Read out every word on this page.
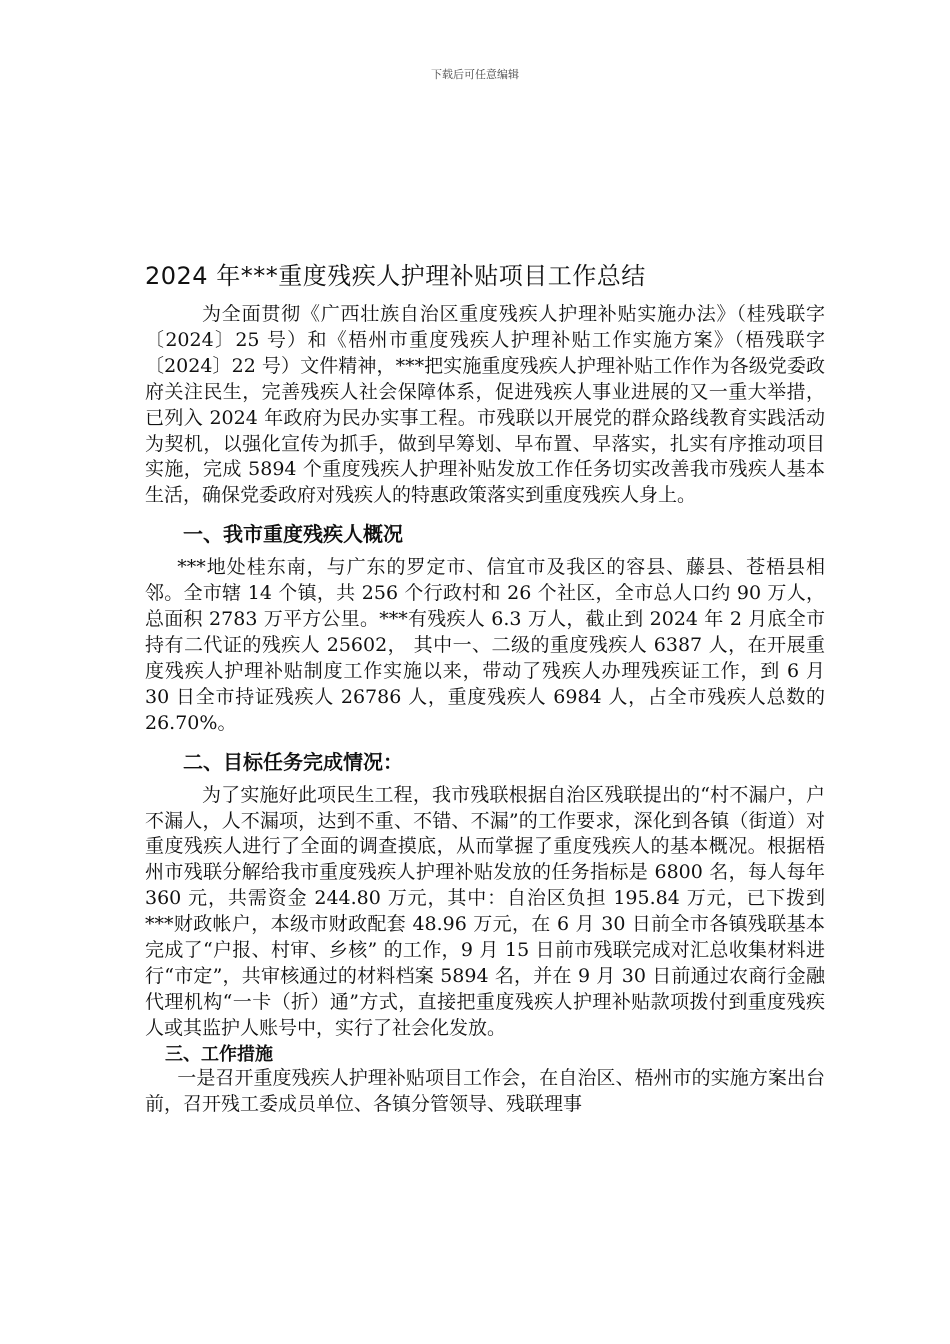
下载后可任意编辑
2024 年***重度残疾人护理补贴项目工作总结

为全面贯彻《广西壮族自治区重度残疾人护理补贴实施办法》（桂残联字〔2024〕25 号）和《梧州市重度残疾人护理补贴工作实施方案》（梧残联字〔2024〕22 号）文件精神，***把实施重度残疾人护理补贴工作作为各级党委政府关注民生，完善残疾人社会保障体系，促进残疾人事业进展的又一重大举措，已列入 2024 年政府为民办实事工程。市残联以开展党的群众路线教育实践活动为契机，以强化宣传为抓手，做到早筹划、早布置、早落实，扎实有序推动项目实施，完成 5894 个重度残疾人护理补贴发放工作任务切实改善我市残疾人基本生活，确保党委政府对残疾人的特惠政策落实到重度残疾人身上。

一、我市重度残疾人概况

***地处桂东南，与广东的罗定市、信宜市及我区的容县、藤县、苍梧县相邻。全市辖 14 个镇，共 256 个行政村和 26 个社区，全市总人口约 90 万人，总面积 2783 万平方公里。***有残疾人 6.3 万人，截止到 2024 年 2 月底全市持有二代证的残疾人 25602， 其中一、二级的重度残疾人 6387 人，在开展重度残疾人护理补贴制度工作实施以来，带动了残疾人办理残疾证工作，到 6 月 30 日全市持证残疾人 26786 人，重度残疾人 6984 人，占全市残疾人总数的 26.70%。

二、目标任务完成情况：

为了实施好此项民生工程，我市残联根据自治区残联提出的“村不漏户，户不漏人，人不漏项，达到不重、不错、不漏”的工作要求，深化到各镇（街道）对重度残疾人进行了全面的调查摸底，从而掌握了重度残疾人的基本概况。根据梧州市残联分解给我市重度残疾人护理补贴发放的任务指标是 6800 名，每人每年 360 元，共需资金 244.80 万元，其中：自治区负担 195.84 万元，已下拨到***财政帐户，本级市财政配套 48.96 万元，在 6 月 30 日前全市各镇残联基本完成了“户报、村审、乡核” 的工作，9 月 15 日前市残联完成对汇总收集材料进行“市定”，共审核通过的材料档案 5894 名，并在 9 月 30 日前通过农商行金融代理机构“一卡（折）通”方式，直接把重度残疾人护理补贴款项拨付到重度残疾人或其监护人账号中，实行了社会化发放。

三、工作措施

一是召开重度残疾人护理补贴项目工作会，在自治区、梧州市的实施方案出台前，召开残工委成员单位、各镇分管领导、残联理事
